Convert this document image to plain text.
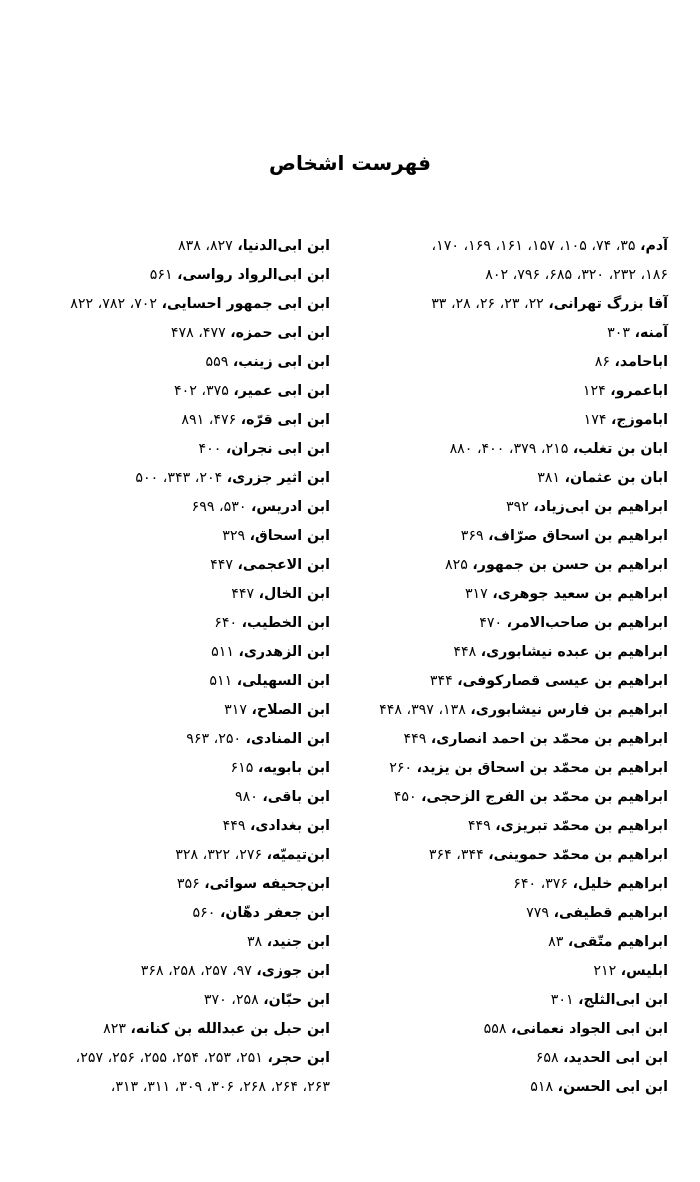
فهرست اشخاص
آدم، ۳۵، ۷۴، ۱۰۵، ۱۵۷، ۱۶۱، ۱۶۹، ۱۷۰،
۱۸۶، ۲۳۲، ۳۲۰، ۶۸۵، ۷۹۶، ۸۰۲
آقا بزرگ تهرانی، ۲۲، ۲۳، ۲۶، ۲۸، ۳۳
آمنه، ۳۰۳
اباحامد، ۸۶
اباعمرو، ۱۲۴
اباموزج، ۱۷۴
ابان بن تغلب، ۲۱۵، ۳۷۹، ۴۰۰، ۸۸۰
ابان بن عثمان، ۳۸۱
ابراهیم بن ابی‌زیاد، ۳۹۲
ابراهیم بن اسحاق صرّاف، ۳۶۹
ابراهیم بن حسن بن جمهور، ۸۲۵
ابراهیم بن سعید جوهری، ۳۱۷
ابراهیم بن صاحب‌الامر، ۴۷۰
ابراهیم بن عبده نیشابوری، ۴۴۸
ابراهیم بن عیسی قصارکوفی، ۳۴۴
ابراهیم بن فارس نیشابوری، ۱۳۸، ۳۹۷، ۴۴۸
ابراهیم بن محمّد بن احمد انصاری، ۴۴۹
ابراهیم بن محمّد بن اسحاق بن یزید، ۲۶۰
ابراهیم بن محمّد بن الفرج الزحجی، ۴۵۰
ابراهیم بن محمّد تبریزی، ۴۴۹
ابراهیم بن محمّد حموینی، ۳۴۴، ۳۶۴
ابراهیم خلیل، ۳۷۶، ۶۴۰
ابراهیم قطیفی، ۷۷۹
ابراهیم متّقی، ۸۳
ابلیس، ۲۱۲
ابن ابی‌الثلج، ۳۰۱
ابن ابی الجواد نعمانی، ۵۵۸
ابن ابی الحدید، ۶۵۸
ابن ابی الحسن، ۵۱۸
ابن ابی‌الدنیا، ۸۲۷، ۸۳۸
ابن ابی‌الرواد رواسی، ۵۶۱
ابن ابی جمهور احسایی، ۷۰۲، ۷۸۲، ۸۲۲
ابن ابی حمزه، ۴۷۷، ۴۷۸
ابن ابی زینب، ۵۵۹
ابن ابی عمیر، ۳۷۵، ۴۰۲
ابن ابی قرّه، ۴۷۶، ۸۹۱
ابن ابی نجران، ۴۰۰
ابن اثیر جزری، ۲۰۴، ۳۴۳، ۵۰۰
ابن ادریس، ۵۳۰، ۶۹۹
ابن اسحاق، ۳۲۹
ابن الاعجمی، ۴۴۷
ابن الخال، ۴۴۷
ابن الخطیب، ۶۴۰
ابن الزهدری، ۵۱۱
ابن السهیلی، ۵۱۱
ابن الصلاح، ۳۱۷
ابن المنادی، ۲۵۰، ۹۶۳
ابن بابویه، ۶۱۵
ابن باقی، ۹۸۰
ابن بغدادی، ۴۴۹
ابن‌تیمیّه، ۲۷۶، ۳۲۲، ۳۲۸
ابن‌جحیفه سوائی، ۳۵۶
ابن جعفر دهّان، ۵۶۰
ابن جنید، ۳۸
ابن جوزی، ۹۷، ۲۵۷، ۲۵۸، ۳۶۸
ابن حبّان، ۲۵۸، ۳۷۰
ابن حبل بن عبدالله بن کنانه، ۸۲۳
ابن حجر، ۲۵۱، ۲۵۳، ۲۵۴، ۲۵۵، ۲۵۶، ۲۵۷،
۲۶۳، ۲۶۴، ۲۶۸، ۳۰۶، ۳۰۹، ۳۱۱، ۳۱۳،
